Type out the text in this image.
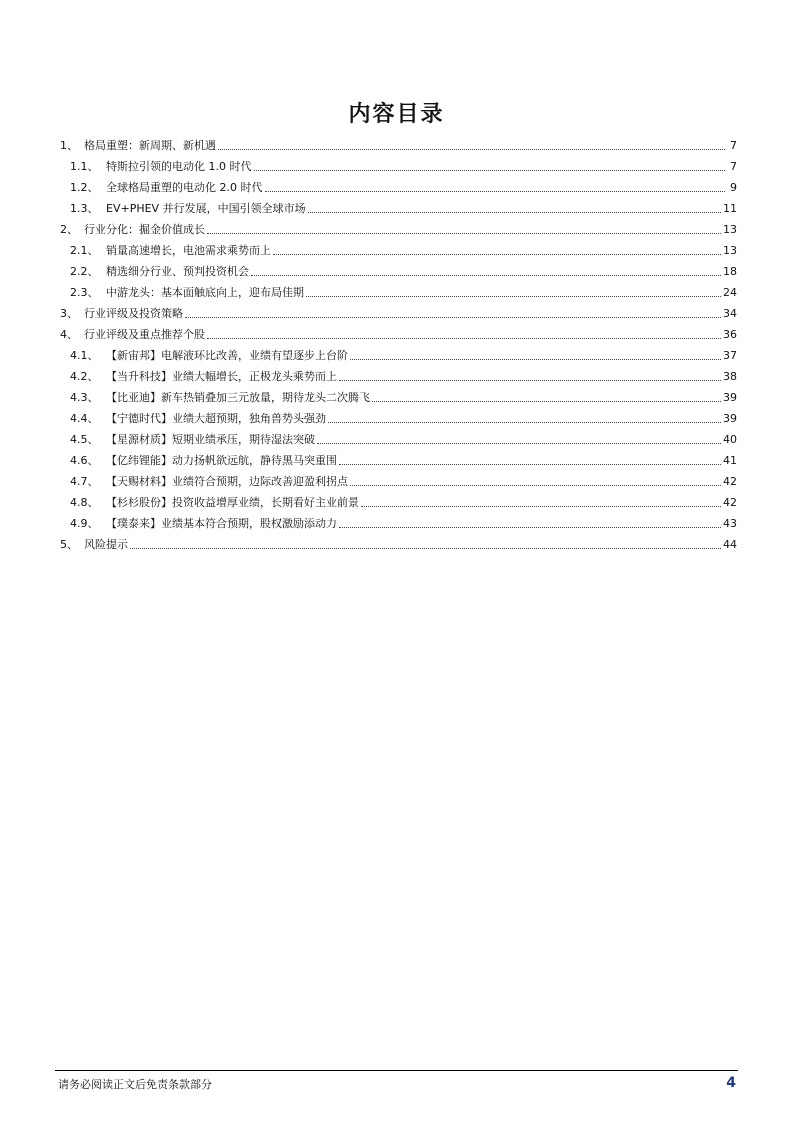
内容目录
1、 格局重塑：新周期、新机遇	7
1.1、 特斯拉引领的电动化 1.0 时代	7
1.2、 全球格局重塑的电动化 2.0 时代	9
1.3、 EV+PHEV 并行发展，中国引领全球市场	11
2、 行业分化：掘金价值成长	13
2.1、 销量高速增长，电池需求乘势而上	13
2.2、 精选细分行业、预判投资机会	18
2.3、 中游龙头：基本面触底向上，迎布局佳期	24
3、 行业评级及投资策略	34
4、 行业评级及重点推荐个股	36
4.1、 【新宙邦】电解液环比改善，业绩有望逐步上台阶	37
4.2、 【当升科技】业绩大幅增长，正极龙头乘势而上	38
4.3、 【比亚迪】新车热销叠加三元放量，期待龙头二次腾飞	39
4.4、 【宁德时代】业绩大超预期，独角兽势头强劲	39
4.5、 【星源材质】短期业绩承压，期待湿法突破	40
4.6、 【亿纬锂能】动力扬帆欲远航，静待黑马突重围	41
4.7、 【天赐材料】业绩符合预期，边际改善迎盈利拐点	42
4.8、 【杉杉股份】投资收益增厚业绩，长期看好主业前景	42
4.9、 【璞泰来】业绩基本符合预期，股权激励添动力	43
5、 风险提示	44
请务必阅读正文后免责条款部分	4
